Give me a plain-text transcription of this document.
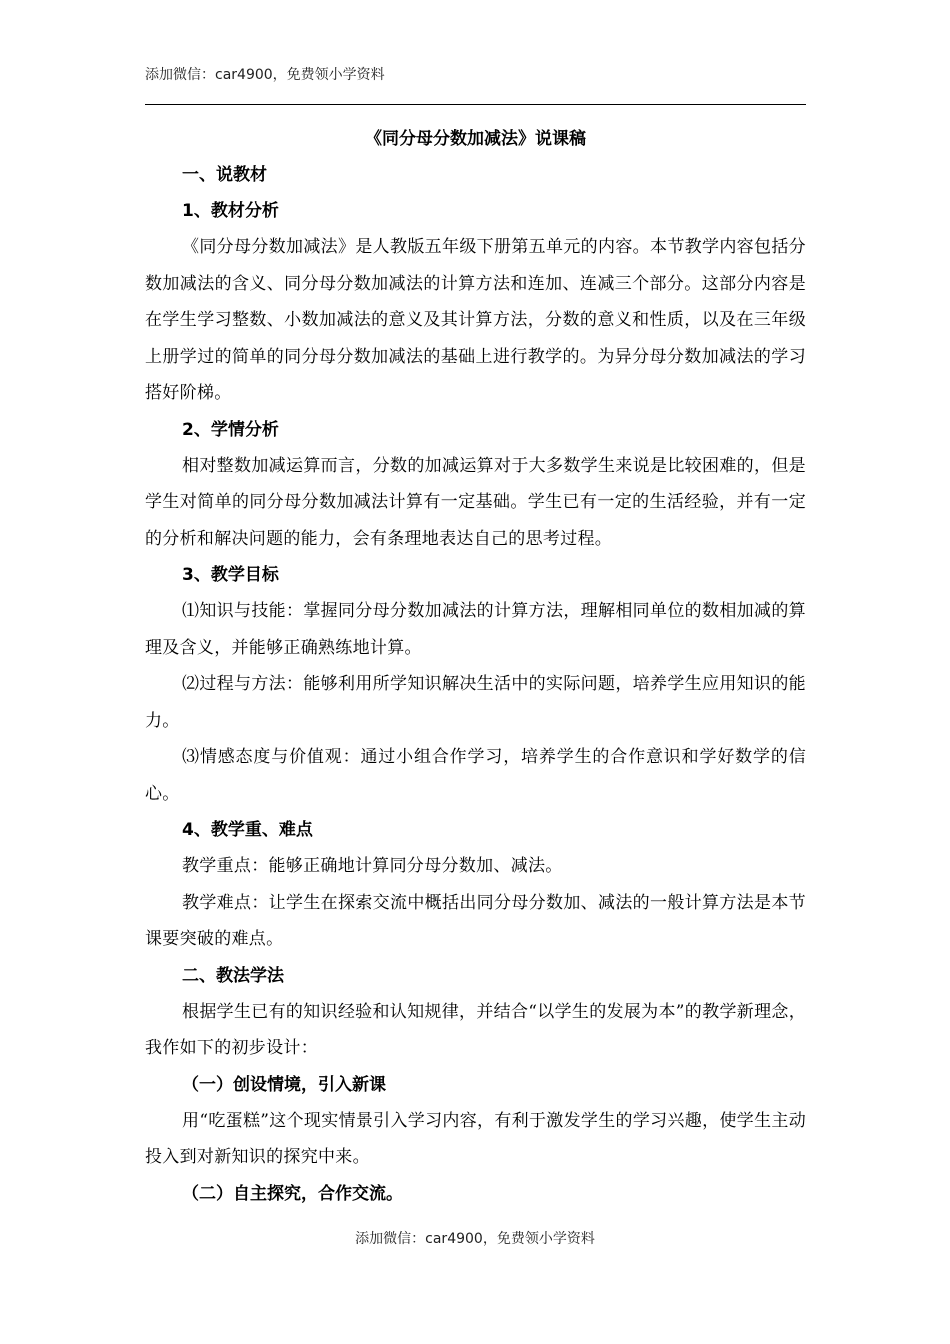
添加微信：car4900，免费领小学资料
《同分母分数加减法》说课稿
一、说教材
1、教材分析
《同分母分数加减法》是人教版五年级下册第五单元的内容。本节教学内容包括分数加减法的含义、同分母分数加减法的计算方法和连加、连减三个部分。这部分内容是在学生学习整数、小数加减法的意义及其计算方法，分数的意义和性质，以及在三年级上册学过的简单的同分母分数加减法的基础上进行教学的。为异分母分数加减法的学习搭好阶梯。
2、学情分析
相对整数加减运算而言，分数的加减运算对于大多数学生来说是比较困难的，但是学生对简单的同分母分数加减法计算有一定基础。学生已有一定的生活经验，并有一定的分析和解决问题的能力，会有条理地表达自己的思考过程。
3、教学目标
⑴知识与技能：掌握同分母分数加减法的计算方法，理解相同单位的数相加减的算理及含义，并能够正确熟练地计算。
⑵过程与方法：能够利用所学知识解决生活中的实际问题，培养学生应用知识的能力。
⑶情感态度与价值观：通过小组合作学习，培养学生的合作意识和学好数学的信心。
4、教学重、难点
教学重点：能够正确地计算同分母分数加、减法。
教学难点：让学生在探索交流中概括出同分母分数加、减法的一般计算方法是本节课要突破的难点。
二、教法学法
根据学生已有的知识经验和认知规律，并结合“以学生的发展为本”的教学新理念，我作如下的初步设计：
（一）创设情境，引入新课
用“吃蛋糕”这个现实情景引入学习内容，有利于激发学生的学习兴趣，使学生主动投入到对新知识的探究中来。
（二）自主探究，合作交流。
添加微信：car4900，免费领小学资料
